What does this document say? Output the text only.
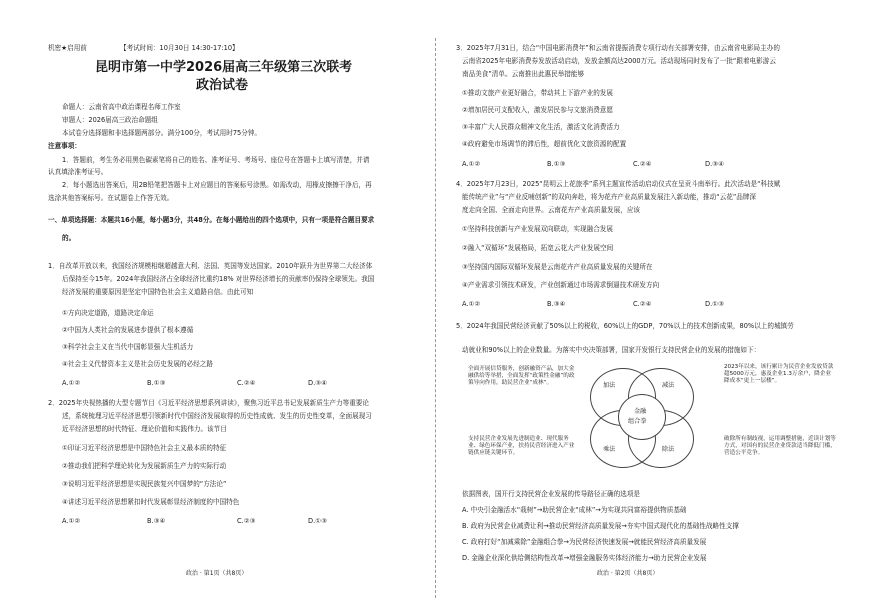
机密★启用前	【考试时间：10月30日 14:30-17:10】
昆明市第一中学2026届高三年级第三次联考
政治试卷
命题人：云南省高中政治课程名师工作室
审题人：2026届高三政治命题组
本试卷分选择题和非选择题两部分。满分100分，考试用时75分钟。
注意事项：
1．答题前，考生务必用黑色碳素笔将自己的姓名、准考证号、考场号、座位号在答题卡上填写清楚，并请
认真填涂准考证号。
2．每小题选出答案后，用2B铅笔把答题卡上对应题目的答案标号涂黑。如需改动，用橡皮擦擦干净后，再
选涂其他答案标号。在试题卷上作答无效。
一、单项选择题：本题共16小题，每小题3分，共48分。在每小题给出的四个选项中，只有一项是符合题目要求
的。
1．自改革开放以来，我国经济规模相继超越意大利、法国、英国等发达国家。2010年跃升为世界第二大经济体
后保持至今15年。2024年我国经济占全球经济比重约18% 对世界经济增长的贡献率仍保持全球领先。我国
经济发展的重要原因是坚定中国特色社会主义道路自信。由此可知
①方向决定道路，道路决定命运
②中国为人类社会的发展进步提供了根本遵循
③科学社会主义在当代中国彰显强大生机活力
④社会主义代替资本主义是社会历史发展的必经之路
A.①②	B.①③	C.②④	D.③④
2．2025年央视热播的大型专题节目《习近平经济思想系列讲读》，聚焦习近平总书记发展新质生产力等重要论
述，系统梳理习近平经济思想引领新时代中国经济发展取得的历史性成就、发生的历史性变革，全面展现习
近平经济思想的时代特征、理论价值和实践伟力。该节目
①印证习近平经济思想是中国特色社会主义最本质的特征
②推动我们把科学理论转化为发展新质生产力的实际行动
③说明习近平经济思想是实现民族复兴中国梦的“方法论”
④讲述习近平经济思想紧扣时代发展彰显经济制度的中国特色
A.①②	B.③④	C.②③	D.①③
政治 · 第1页（共8页）
3．2025年7月31日，结合“中国电影消费年”和云南省提振消费专项行动有关部署安排，由云南省电影局主办的
云南省2025年电影消费券发放活动启动，发放金额高达2000万元。活动现场同时发布了一批“跟着电影游云
南品美食”清单。云南推出此惠民举措能够
①推动文旅产业更好融合，带动其上下游产业的发展
②增加居民可支配收入，激发居民参与文旅消费意愿
③丰富广大人民群众精神文化生活，激活文化消费活力
④政府避免市场调节的滞后性，超前优化文旅资源的配置
A.①②	B.①③	C.②④	D.③④
4．2025年7月23日，2025“昆明云上花旅季”系列主题宣传活动启动仪式在呈贡斗南举行。此次活动是“科技赋
能传统产业”与“产业反哺创新”的双向奔赴，将为花卉产业高质量发展注入新动能，推动“云花”品牌深
度走向全国、全面走向世界。云南花卉产业高质量发展，应该
①坚持科技创新与产业发展双向联动，实现融合发展
②融入“双循环”发展格局，拓宽云花大产业发展空间
③坚持国内国际双循环发展是云南花卉产业高质量发展的关键所在
④产业需求引领技术研发，产业创新通过市场需求倒逼技术研发方向
A.①②	B.③④	C.②④	D.①③
5．2024年我国民营经济贡献了50%以上的税收，60%以上的GDP，70%以上的技术创新成果，80%以上的城镇劳
动就业和90%以上的企业数量。为落实中央决策部署，国家开发银行支持民营企业的发展的措施如下：
依据图表，国开行支持民营企业发展的传导路径正确的选项是
A. 中央引金融活水“栽树”→助民营企业“成林”→为实现共同富裕提供物质基础
B. 政府为民营企业减费让利→推动民营经济高质量发展→夯实中国式现代化的基础性战略性支撑
C. 政府打好“加减乘除”金融组合拳→为民营经济快速发展→就能民营经济高质量发展
D. 金融企业深化供给侧结构性改革→增强金融服务实体经济能力→助力民营企业发展
政治 · 第2页（共8页）
全面开展信贷服务，创新融资产品，加大金融供给等举措，全面发挥“政策性金融”的政策导向作用，助民营企业“成林”。
2023年以来，该行累计为民营企业发放贷款超5000万元，惠及企业1.3万余户，降企业降成本“更上一层楼”。
支持民营企业发展先进制造业、现代服务业、绿色环保产业，扶持民营经济进入产业链供应链关键环节。
破除所有制歧视，运用调整措施，近读计划等方式，对国有的民营企业贷款适当降低门槛，营造公平竞争。
加法	减法
乘法	除法
金融
组合拳
